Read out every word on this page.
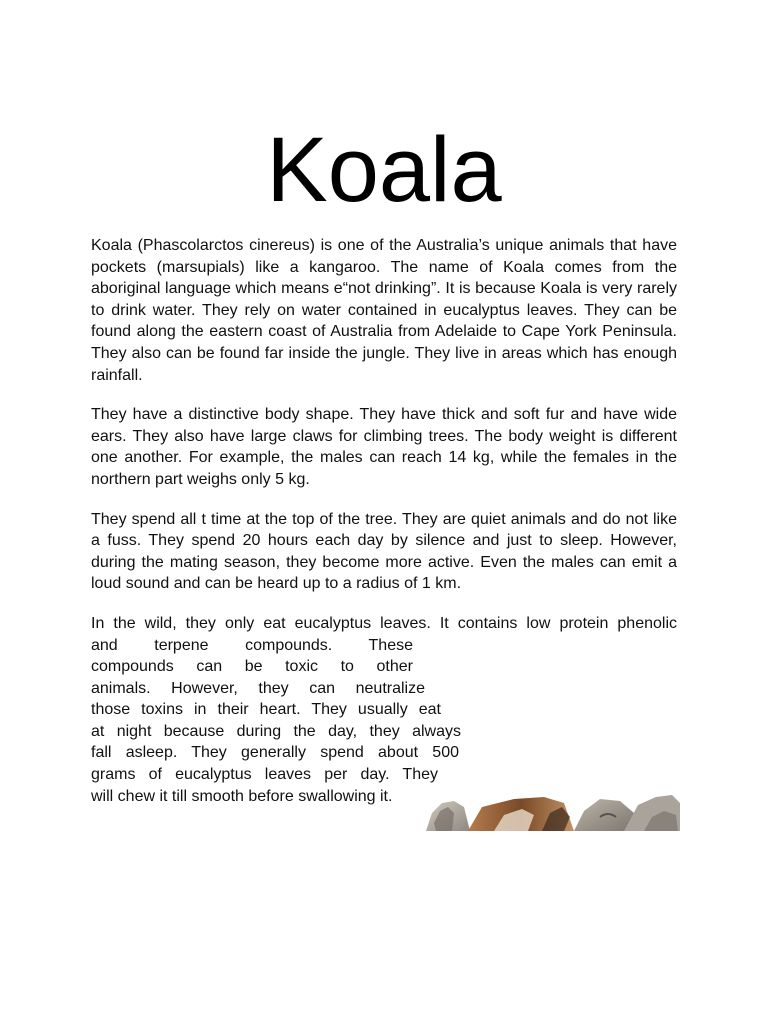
Koala

Koala (Phascolarctos cinereus) is one of the Australia’s unique animals that have pockets (marsupials) like a kangaroo. The name of Koala comes from the aboriginal language which means e“not drinking”. It is because Koala is very rarely to drink water. They rely on water contained in eucalyptus leaves. They can be found along the eastern coast of Australia from Adelaide to Cape York Peninsula. They also can be found far inside the jungle. They live in areas which has enough rainfall.

They have a distinctive body shape. They have thick and soft fur and have wide ears. They also have large claws for climbing trees. The body weight is different one another. For example, the males can reach 14 kg, while the females in the northern part weighs only 5 kg.

They spend all t time at the top of the tree. They are quiet animals and do not like a fuss. They spend 20 hours each day by silence and just to sleep. However, during the mating season, they become more active. Even the males can emit a loud sound and can be heard up to a radius of 1 km.

In the wild, they only eat eucalyptus leaves. It contains low protein phenolic

and terpene compounds. These
compounds can be toxic to other
animals. However, they can neutralize
those toxins in their heart. They usually eat
at night because during the day, they always
fall asleep. They generally spend about 500
grams of eucalyptus leaves per day. They
will chew it till smooth before swallowing it.
